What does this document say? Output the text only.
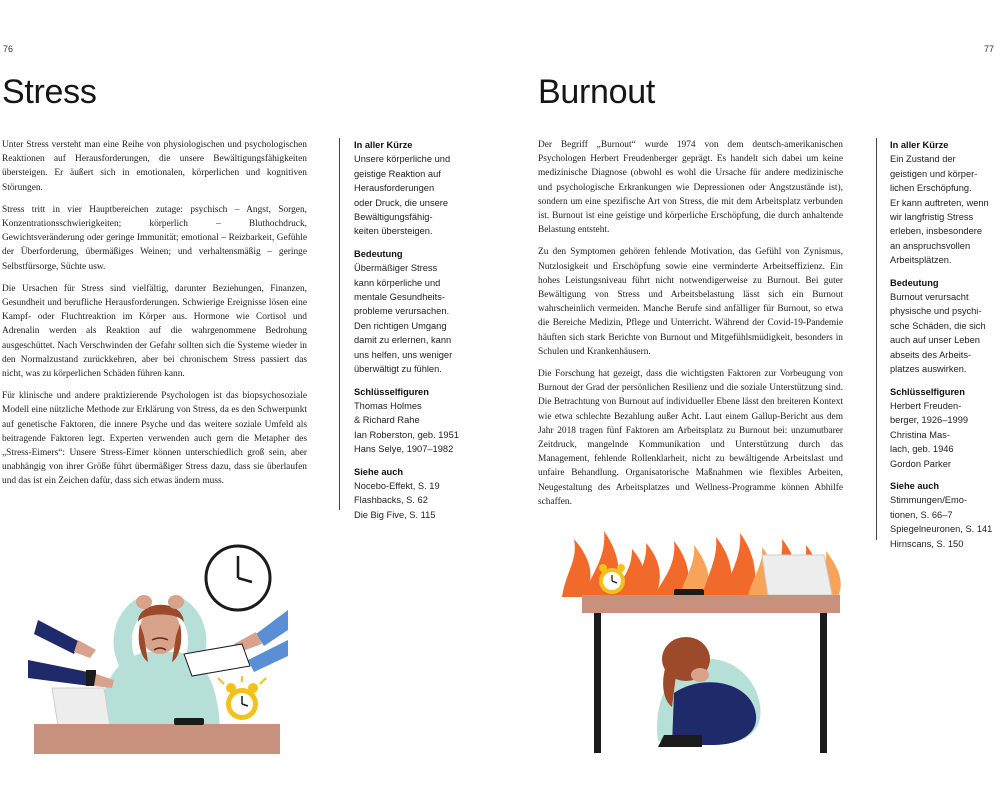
76
Stress

Unter Stress versteht man eine Reihe von physiologischen und psychologischen Reaktionen auf Herausforderungen, die unsere Bewältigungsfähigkeiten übersteigen. Er äußert sich in emotionalen, körperlichen und kognitiven Störungen.

Stress tritt in vier Hauptbereichen zutage: psychisch – Angst, Sorgen, Konzentrationsschwierigkeiten; körperlich – Bluthochdruck, Gewichtsveränderung oder geringe Immunität; emotional – Reizbarkeit, Gefühle der Überforderung, übermäßiges Weinen; und verhaltensmäßig – geringe Selbstfürsorge, Süchte usw.

Die Ursachen für Stress sind vielfältig, darunter Beziehungen, Finanzen, Gesundheit und berufliche Herausforderungen. Schwierige Ereignisse lösen eine Kampf- oder Fluchtreaktion im Körper aus. Hormone wie Cortisol und Adrenalin werden als Reaktion auf die wahrgenommene Bedrohung ausgeschüttet. Nach Verschwinden der Gefahr sollten sich die Systeme wieder in den Normalzustand zurückkehren, aber bei chronischem Stress passiert das nicht, was zu körperlichen Schäden führen kann.

Für klinische und andere praktizierende Psychologen ist das biopsychosoziale Modell eine nützliche Methode zur Erklärung von Stress, da es den Schwerpunkt auf genetische Faktoren, die innere Psyche und das weitere soziale Umfeld als beitragende Faktoren legt. Experten verwenden auch gern die Metapher des „Stress-Eimers“: Unsere Stress-Eimer können unterschiedlich groß sein, aber unabhängig von ihrer Größe führt übermäßiger Stress dazu, dass sie überlaufen und das ist ein Zeichen dafür, dass sich etwas ändern muss.

In aller Kürze
Unsere körperliche und
geistige Reaktion auf
Herausforderungen
oder Druck, die unsere
Bewältigungsfähig-
keiten übersteigen.
Bedeutung
Übermäßiger Stress
kann körperliche und
mentale Gesundheits-
probleme verursachen.
Den richtigen Umgang
damit zu erlernen, kann
uns helfen, uns weniger
überwältigt zu fühlen.
Schlüsselfiguren
Thomas Holmes
& Richard Rahe
Ian Roberston, geb. 1951
Hans Selye, 1907–1982
Siehe auch
Nocebo-Effekt, S. 19
Flashbacks, S. 62
Die Big Five, S. 115
77
Burnout

Der Begriff „Burnout“ wurde 1974 von dem deutsch-amerikanischen Psychologen Herbert Freudenberger geprägt. Es handelt sich dabei um keine medizinische Diagnose (obwohl es wohl die Ursache für andere medizinische und psychologische Erkrankungen wie Depressionen oder Angstzustände ist), sondern um eine spezifische Art von Stress, die mit dem Arbeitsplatz verbunden ist. Burnout ist eine geistige und körperliche Erschöpfung, die durch anhaltende Belastung entsteht.

Zu den Symptomen gehören fehlende Motivation, das Gefühl von Zynismus, Nutzlosigkeit und Erschöpfung sowie eine verminderte Arbeitseffizienz. Ein hohes Leistungsniveau führt nicht notwendigerweise zu Burnout. Bei guter Bewältigung von Stress und Arbeitsbelastung lässt sich ein Burnout wahrscheinlich vermeiden. Manche Berufe sind anfälliger für Burnout, so etwa die Bereiche Medizin, Pflege und Unterricht. Während der Covid-19-Pandemie häuften sich stark Berichte von Burnout und Mitgefühlsmüdigkeit, besonders in Schulen und Krankenhäusern.

Die Forschung hat gezeigt, dass die wichtigsten Faktoren zur Vorbeugung von Burnout der Grad der persönlichen Resilienz und die soziale Unterstützung sind. Die Betrachtung von Burnout auf individueller Ebene lässt den breiteren Kontext wie etwa schlechte Bezahlung außer Acht. Laut einem Gallup-Bericht aus dem Jahr 2018 tragen fünf Faktoren am Arbeitsplatz zu Burnout bei: unzumutbarer Zeitdruck, mangelnde Kommunikation und Unterstützung durch das Management, fehlende Rollenklarheit, nicht zu bewältigende Arbeitslast und unfaire Behandlung. Organisatorische Maßnahmen wie flexibles Arbeiten, Neugestaltung des Arbeitsplatzes und Wellness-Programme können Abhilfe schaffen.

In aller Kürze
Ein Zustand der
geistigen und körper-
lichen Erschöpfung.
Er kann auftreten, wenn
wir langfristig Stress
erleben, insbesondere
an anspruchsvollen
Arbeitsplätzen.
Bedeutung
Burnout verursacht
physische und psychi-
sche Schäden, die sich
auch auf unser Leben
abseits des Arbeits-
platzes auswirken.
Schlüsselfiguren
Herbert Freuden-
berger, 1926–1999
Christina Mas-
lach, geb. 1946
Gordon Parker
Siehe auch
Stimmungen/Emo-
tionen, S. 66–7
Spiegelneuronen, S. 141
Hirnscans, S. 150
